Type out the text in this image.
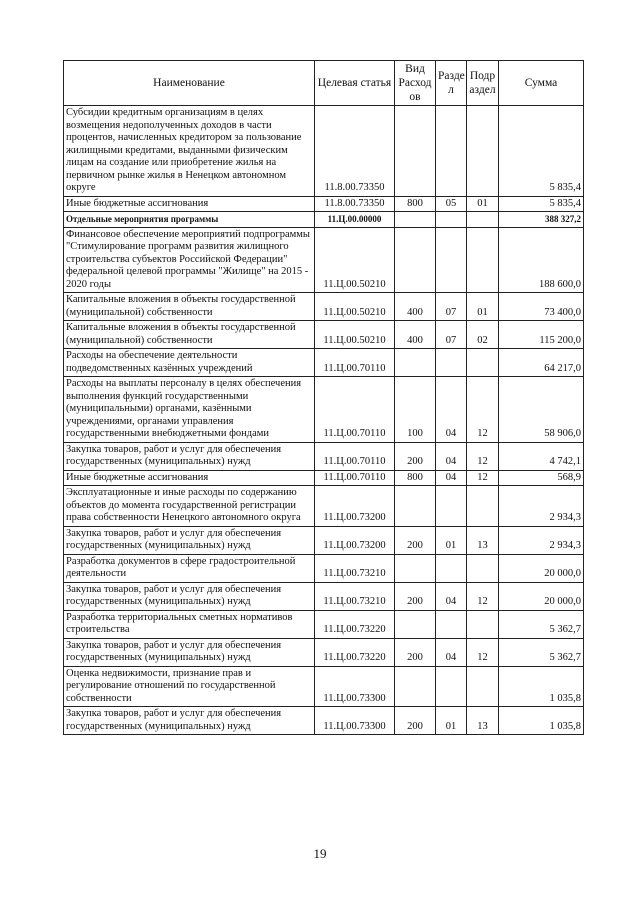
Наименование	Целевая статья	Вид Расход ов	Разде л	Подр аздел	Сумма
Субсидии кредитным организациям в целях возмещения недополученных доходов в части процентов, начисленных кредитором за пользование жилищными кредитами, выданными физическим лицам на создание или приобретение жилья на первичном рынке жилья в Ненецком автономном округе	11.8.00.73350				5 835,4
Иные бюджетные ассигнования	11.8.00.73350	800	05	01	5 835,4
Отдельные мероприятия программы	11.Ц.00.00000				388 327,2
Финансовое обеспечение мероприятий подпрограммы "Стимулирование программ развития жилищного строительства субъектов Российской Федерации" федеральной целевой программы "Жилище" на 2015 - 2020 годы	11.Ц.00.50210				188 600,0
Капитальные вложения в объекты государственной (муниципальной) собственности	11.Ц.00.50210	400	07	01	73 400,0
Капитальные вложения в объекты государственной (муниципальной) собственности	11.Ц.00.50210	400	07	02	115 200,0
Расходы на обеспечение деятельности подведомственных казённых учреждений	11.Ц.00.70110				64 217,0
Расходы на выплаты персоналу в целях обеспечения выполнения функций государственными (муниципальными) органами, казёнными учреждениями, органами управления государственными внебюджетными фондами	11.Ц.00.70110	100	04	12	58 906,0
Закупка товаров, работ и услуг для обеспечения государственных (муниципальных) нужд	11.Ц.00.70110	200	04	12	4 742,1
Иные бюджетные ассигнования	11.Ц.00.70110	800	04	12	568,9
Эксплуатационные и иные расходы по содержанию объектов до момента государственной регистрации права собственности Ненецкого автономного округа	11.Ц.00.73200				2 934,3
Закупка товаров, работ и услуг для обеспечения государственных (муниципальных) нужд	11.Ц.00.73200	200	01	13	2 934,3
Разработка документов в сфере градостроительной деятельности	11.Ц.00.73210				20 000,0
Закупка товаров, работ и услуг для обеспечения государственных (муниципальных) нужд	11.Ц.00.73210	200	04	12	20 000,0
Разработка территориальных сметных нормативов строительства	11.Ц.00.73220				5 362,7
Закупка товаров, работ и услуг для обеспечения государственных (муниципальных) нужд	11.Ц.00.73220	200	04	12	5 362,7
Оценка недвижимости, признание прав и регулирование отношений по государственной собственности	11.Ц.00.73300				1 035,8
Закупка товаров, работ и услуг для обеспечения государственных (муниципальных) нужд	11.Ц.00.73300	200	01	13	1 035,8
19
